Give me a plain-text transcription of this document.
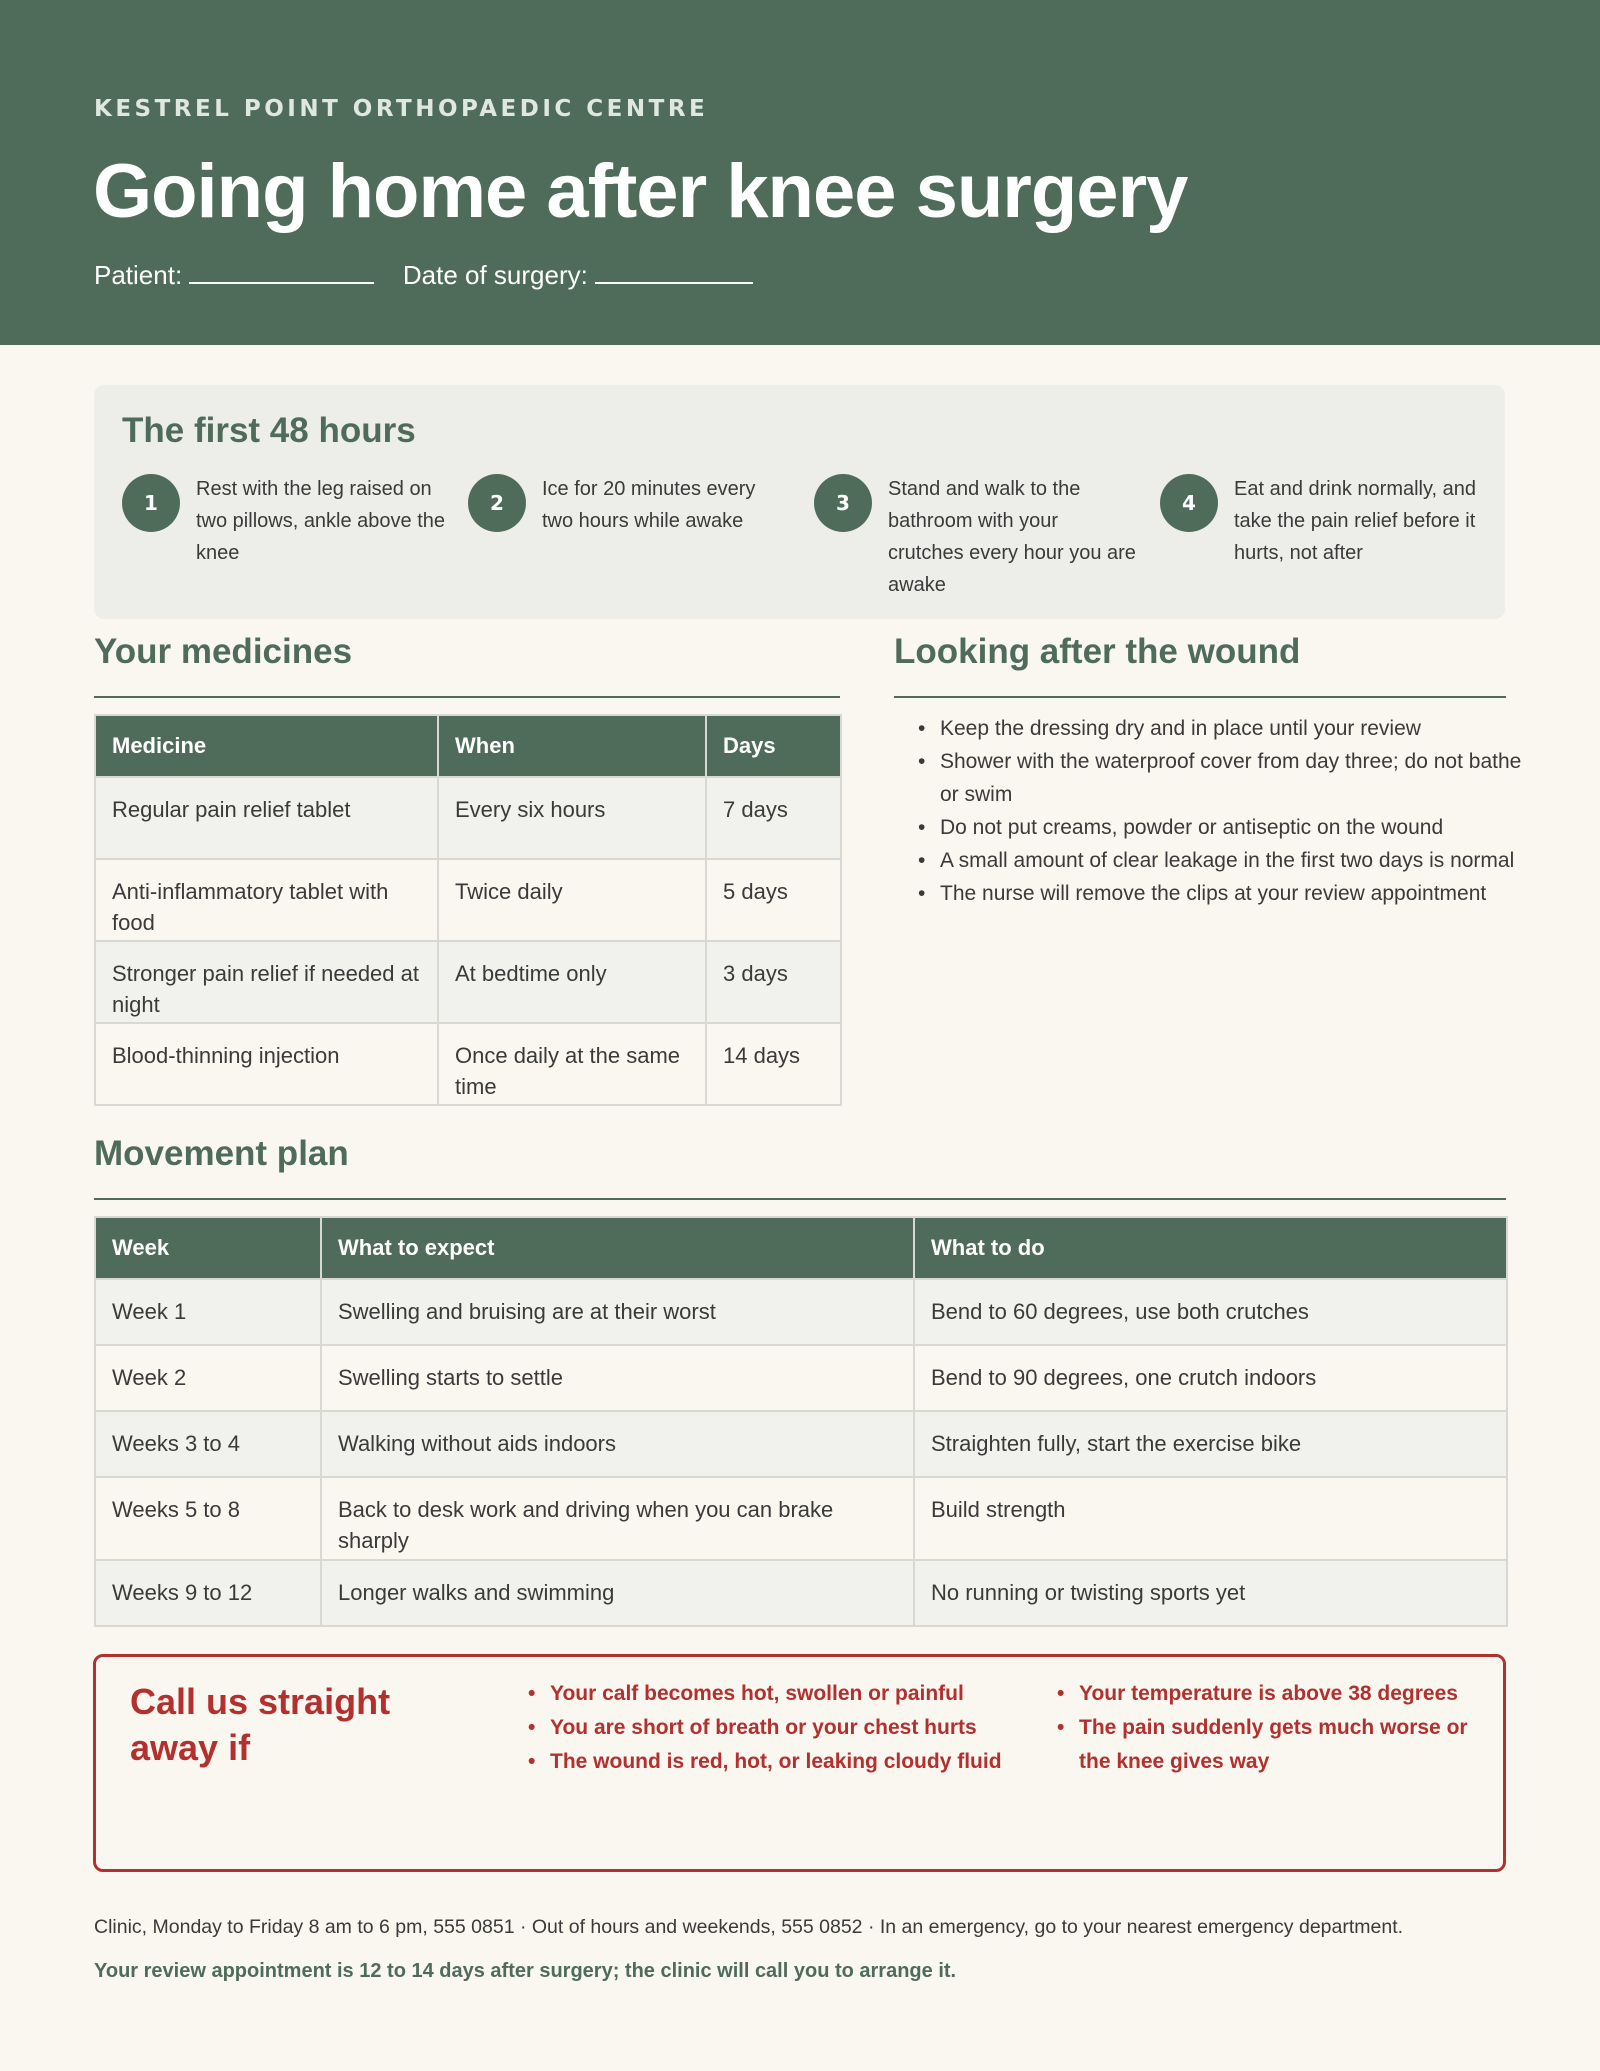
KESTREL POINT ORTHOPAEDIC CENTRE
Going home after knee surgery
Patient:	Date of surgery:
The first 48 hours
1
Rest with the leg raised on two pillows, ankle above the knee
2
Ice for 20 minutes every two hours while awake
3
Stand and walk to the bathroom with your crutches every hour you are awake
4
Eat and drink normally, and take the pain relief before it hurts, not after
Your medicines
Medicine	When	Days
Regular pain relief tablet	Every six hours	7 days
Anti-inflammatory tablet with food	Twice daily	5 days
Stronger pain relief if needed at night	At bedtime only	3 days
Blood-thinning injection	Once daily at the same time	14 days
Looking after the wound
• Keep the dressing dry and in place until your review
• Shower with the waterproof cover from day three; do not bathe or swim
• Do not put creams, powder or antiseptic on the wound
• A small amount of clear leakage in the first two days is normal
• The nurse will remove the clips at your review appointment
Movement plan
Week	What to expect	What to do
Week 1	Swelling and bruising are at their worst	Bend to 60 degrees, use both crutches
Week 2	Swelling starts to settle	Bend to 90 degrees, one crutch indoors
Weeks 3 to 4	Walking without aids indoors	Straighten fully, start the exercise bike
Weeks 5 to 8	Back to desk work and driving when you can brake sharply	Build strength
Weeks 9 to 12	Longer walks and swimming	No running or twisting sports yet
Call us straight away if
• Your calf becomes hot, swollen or painful
• You are short of breath or your chest hurts
• The wound is red, hot, or leaking cloudy fluid
• Your temperature is above 38 degrees
• The pain suddenly gets much worse or the knee gives way
Clinic, Monday to Friday 8 am to 6 pm, 555 0851 · Out of hours and weekends, 555 0852 · In an emergency, go to your nearest emergency department.
Your review appointment is 12 to 14 days after surgery; the clinic will call you to arrange it.
